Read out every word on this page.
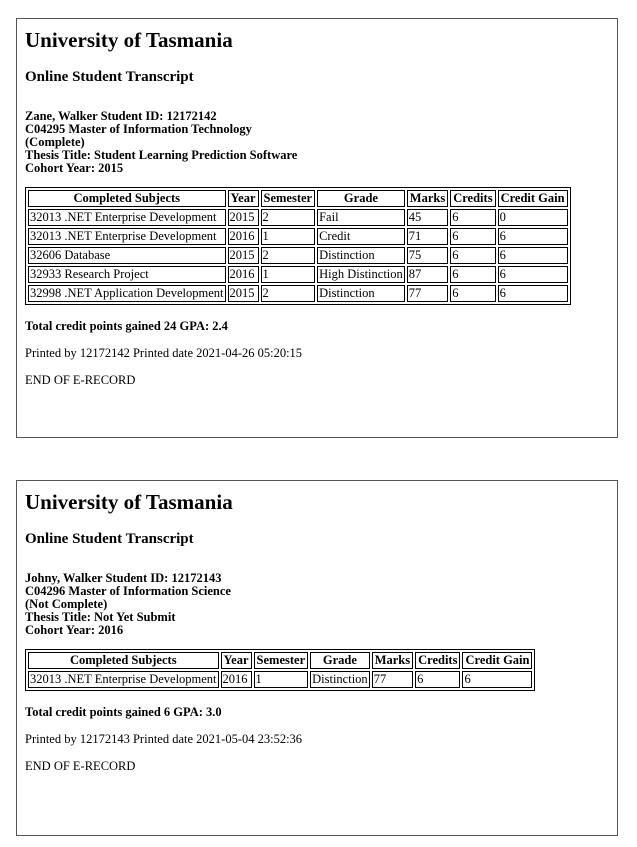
University of Tasmania
Online Student Transcript
Zane, Walker Student ID: 12172142
C04295 Master of Information Technology
(Complete)
Thesis Title: Student Learning Prediction Software
Cohort Year: 2015
Completed Subjects	Year	Semester	Grade	Marks	Credits	Credit Gain
32013 .NET Enterprise Development	2015	2	Fail	45	6	0
32013 .NET Enterprise Development	2016	1	Credit	71	6	6
32606 Database	2015	2	Distinction	75	6	6
32933 Research Project	2016	1	High Distinction	87	6	6
32998 .NET Application Development	2015	2	Distinction	77	6	6
Total credit points gained 24 GPA: 2.4
Printed by 12172142 Printed date 2021-04-26 05:20:15
END OF E-RECORD
University of Tasmania
Online Student Transcript
Johny, Walker Student ID: 12172143
C04296 Master of Information Science
(Not Complete)
Thesis Title: Not Yet Submit
Cohort Year: 2016
Completed Subjects	Year	Semester	Grade	Marks	Credits	Credit Gain
32013 .NET Enterprise Development	2016	1	Distinction	77	6	6
Total credit points gained 6 GPA: 3.0
Printed by 12172143 Printed date 2021-05-04 23:52:36
END OF E-RECORD
